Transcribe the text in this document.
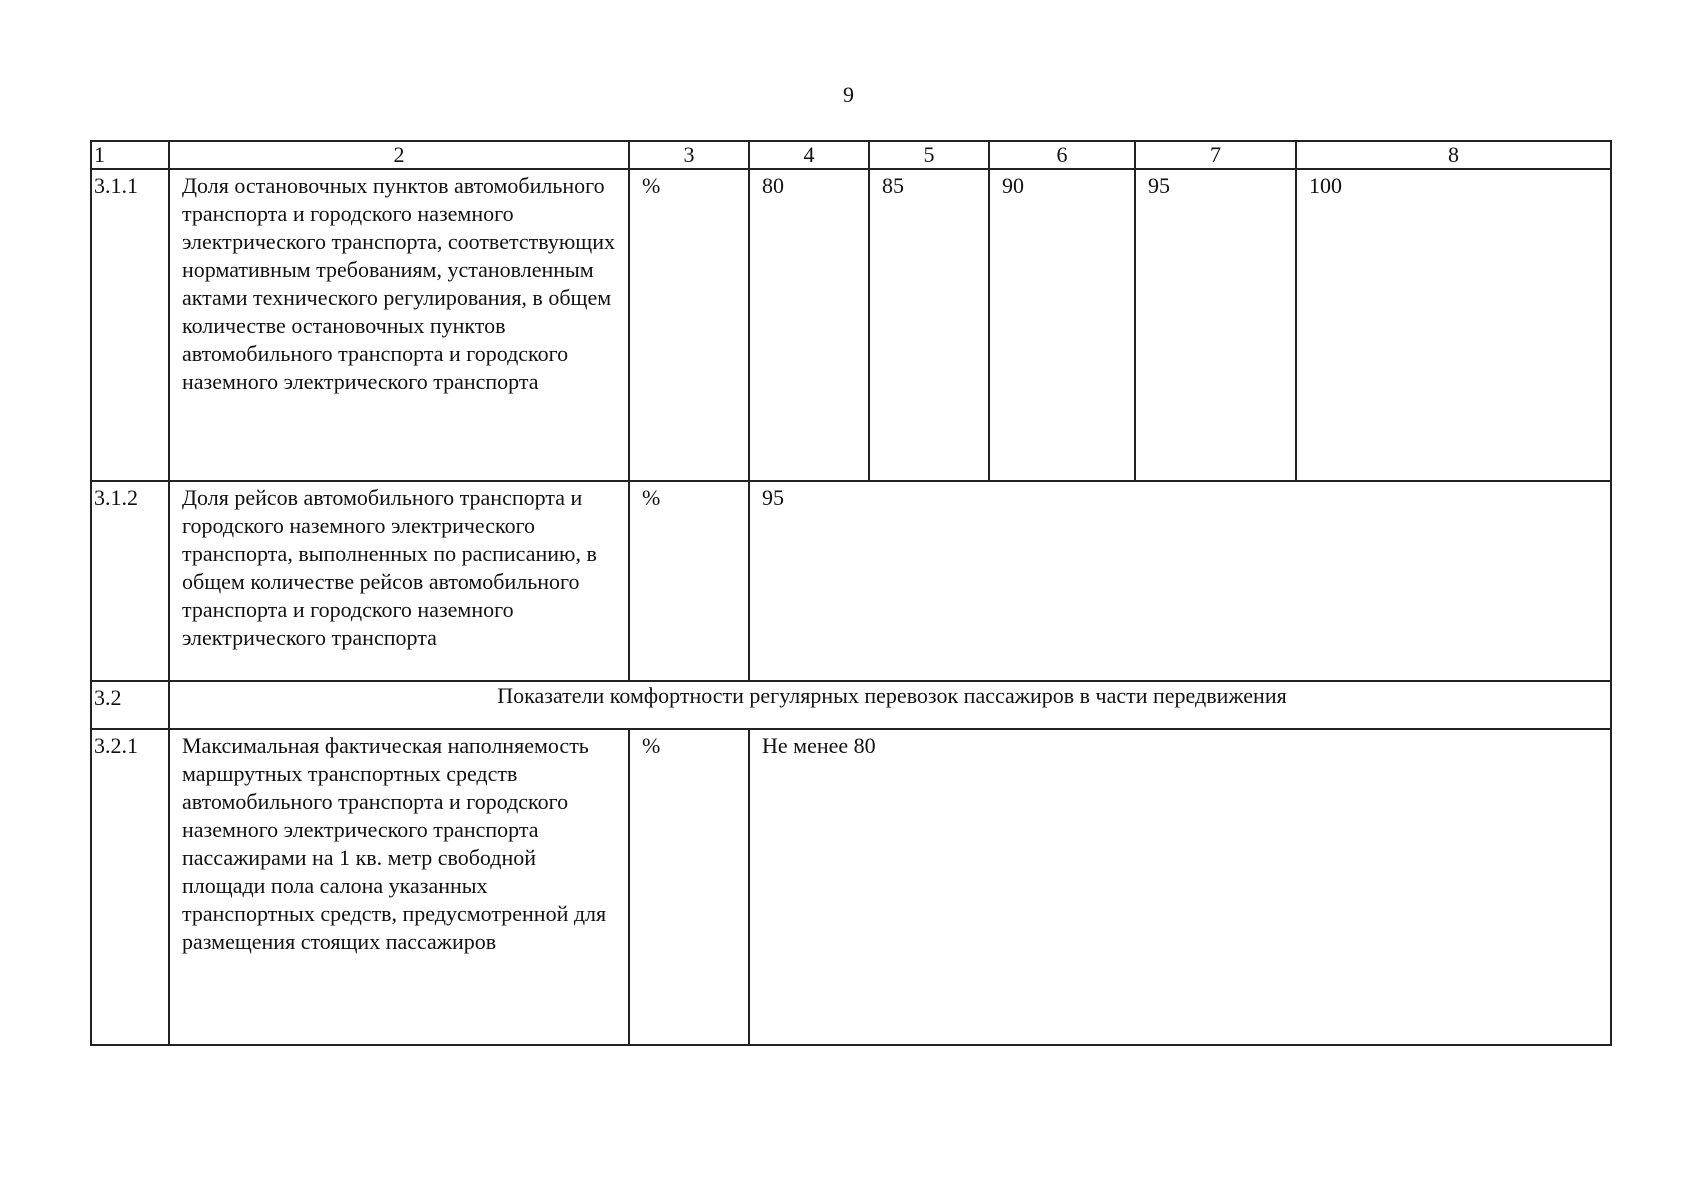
9
1	2	3	4	5	6	7	8
3.1.1	Доля остановочных пунктов автомобильного транспорта и городского наземного электрического транспорта, соответствующих нормативным требованиям, установленным актами технического регулирования, в общем количестве остановочных пунктов автомобильного транспорта и городского наземного электрического транспорта	%	80	85	90	95	100
3.1.2	Доля рейсов автомобильного транспорта и городского наземного электрического транспорта, выполненных по расписанию, в общем количестве рейсов автомобильного транспорта и городского наземного электрического транспорта	%	95				
3.2	Показатели комфортности регулярных перевозок пассажиров в части передвижения						
3.2.1	Максимальная фактическая наполняемость маршрутных транспортных средств автомобильного транспорта и городского наземного электрического транспорта пассажирами на 1 кв. метр свободной площади пола салона указанных транспортных средств, предусмотренной для размещения стоящих пассажиров	%	Не менее 80				
